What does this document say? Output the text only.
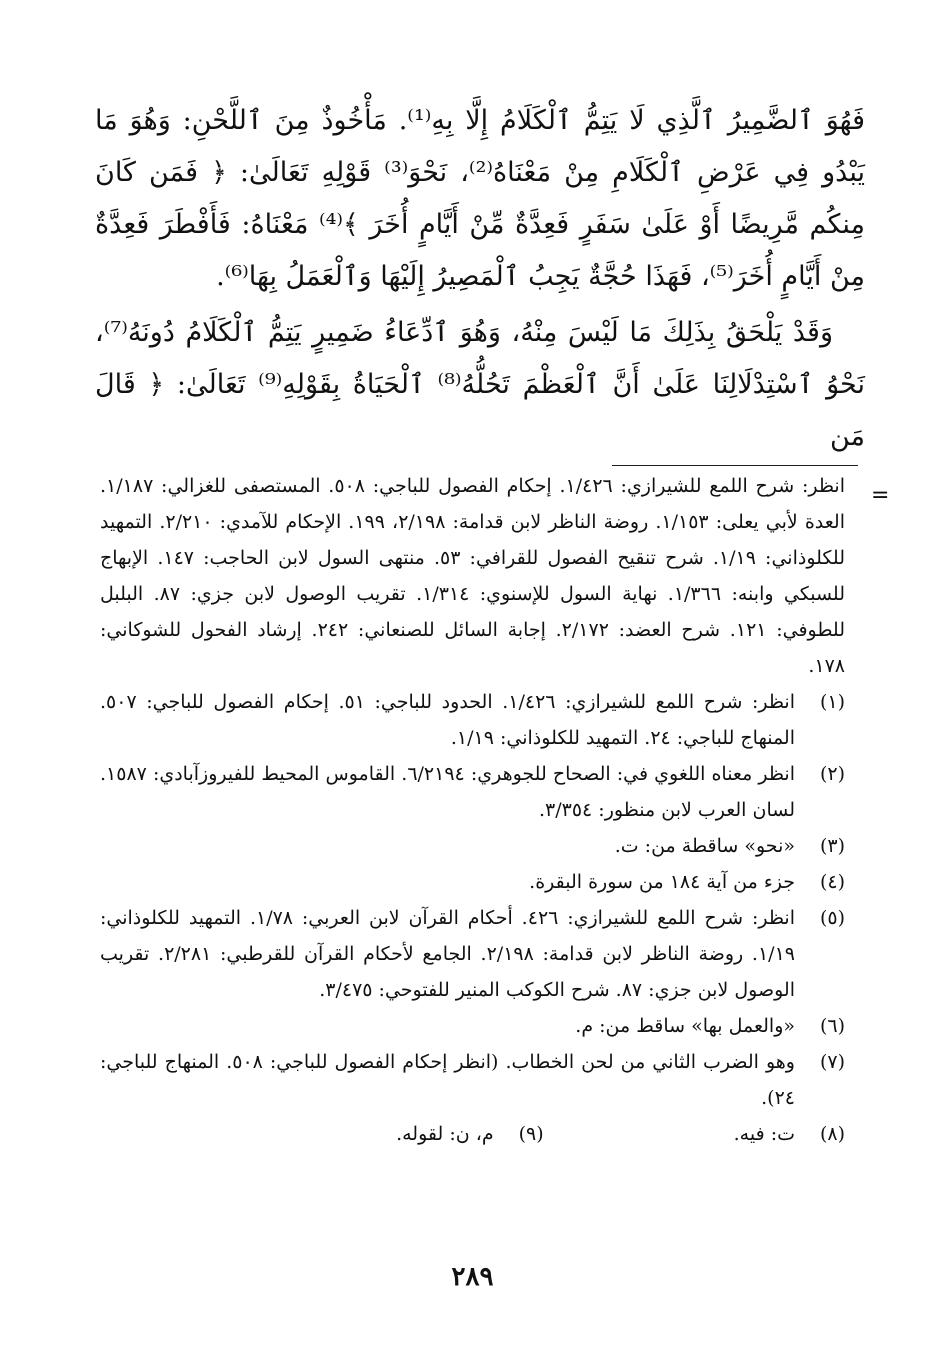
فَهُوَ ٱلضَّمِيرُ ٱلَّذِي لَا يَتِمُّ ٱلْكَلَامُ إِلَّا بِهِ⁽¹⁾. مَأْخُوذٌ مِنَ ٱللَّحْنِ: وَهُوَ مَا يَبْدُو فِي عَرْضِ ٱلْكَلَامِ مِنْ مَعْنَاهُ⁽²⁾، نَحْوَ⁽³⁾ قَوْلِهِ تَعَالَىٰ: ﴿ فَمَن كَانَ مِنكُم مَّرِيضًا أَوْ عَلَىٰ سَفَرٍ فَعِدَّةٌ مِّنْ أَيَّامٍ أُخَرَ ﴾⁽⁴⁾ مَعْنَاهُ: فَأَفْطَرَ فَعِدَّةٌ مِنْ أَيَّامٍ أُخَرَ⁽⁵⁾، فَهَذَا حُجَّةٌ يَجِبُ ٱلْمَصِيرُ إِلَيْهَا وَٱلْعَمَلُ بِهَا⁽⁶⁾.

وَقَدْ يَلْحَقُ بِذَلِكَ مَا لَيْسَ مِنْهُ، وَهُوَ ٱدِّعَاءُ ضَمِيرٍ يَتِمُّ ٱلْكَلَامُ دُونَهُ⁽⁷⁾، نَحْوُ ٱسْتِدْلَالِنَا عَلَىٰ أَنَّ ٱلْعَظْمَ تَحُلُّهُ⁽⁸⁾ ٱلْحَيَاةُ بِقَوْلِهِ⁽⁹⁾ تَعَالَىٰ: ﴿ قَالَ مَن

=

انظر: شرح اللمع للشيرازي: ١/٤٢٦. إحكام الفصول للباجي: ٥٠٨. المستصفى للغزالي: ١/١٨٧. العدة لأبي يعلى: ١/١٥٣. روضة الناظر لابن قدامة: ٢/١٩٨، ١٩٩. الإحكام للآمدي: ٢/٢١٠. التمهيد للكلوذاني: ١/١٩. شرح تنقيح الفصول للقرافي: ٥٣. منتهى السول لابن الحاجب: ١٤٧. الإبهاج للسبكي وابنه: ١/٣٦٦. نهاية السول للإسنوي: ١/٣١٤. تقريب الوصول لابن جزي: ٨٧. البلبل للطوفي: ١٢١. شرح العضد: ٢/١٧٢. إجابة السائل للصنعاني: ٢٤٢. إرشاد الفحول للشوكاني: ١٧٨.

(١)
انظر: شرح اللمع للشيرازي: ١/٤٢٦. الحدود للباجي: ٥١. إحكام الفصول للباجي: ٥٠٧. المنهاج للباجي: ٢٤. التمهيد للكلوذاني: ١/١٩.
(٢)
انظر معناه اللغوي في: الصحاح للجوهري: ٦/٢١٩٤. القاموس المحيط للفيروزآبادي: ١٥٨٧. لسان العرب لابن منظور: ٣/٣٥٤.
(٣)
«نحو» ساقطة من: ت.
(٤)
جزء من آية ١٨٤ من سورة البقرة.
(٥)
انظر: شرح اللمع للشيرازي: ٤٢٦. أحكام القرآن لابن العربي: ١/٧٨. التمهيد للكلوذاني: ١/١٩. روضة الناظر لابن قدامة: ٢/١٩٨. الجامع لأحكام القرآن للقرطبي: ٢/٢٨١. تقريب الوصول لابن جزي: ٨٧. شرح الكوكب المنير للفتوحي: ٣/٤٧٥.
(٦)
«والعمل بها» ساقط من: م.
(٧)
وهو الضرب الثاني من لحن الخطاب. (انظر إحكام الفصول للباجي: ٥٠٨. المنهاج للباجي: ٢٤).
(٨)
ت: فيه.
(٩)
م، ن: لقوله.
٢٨٩
